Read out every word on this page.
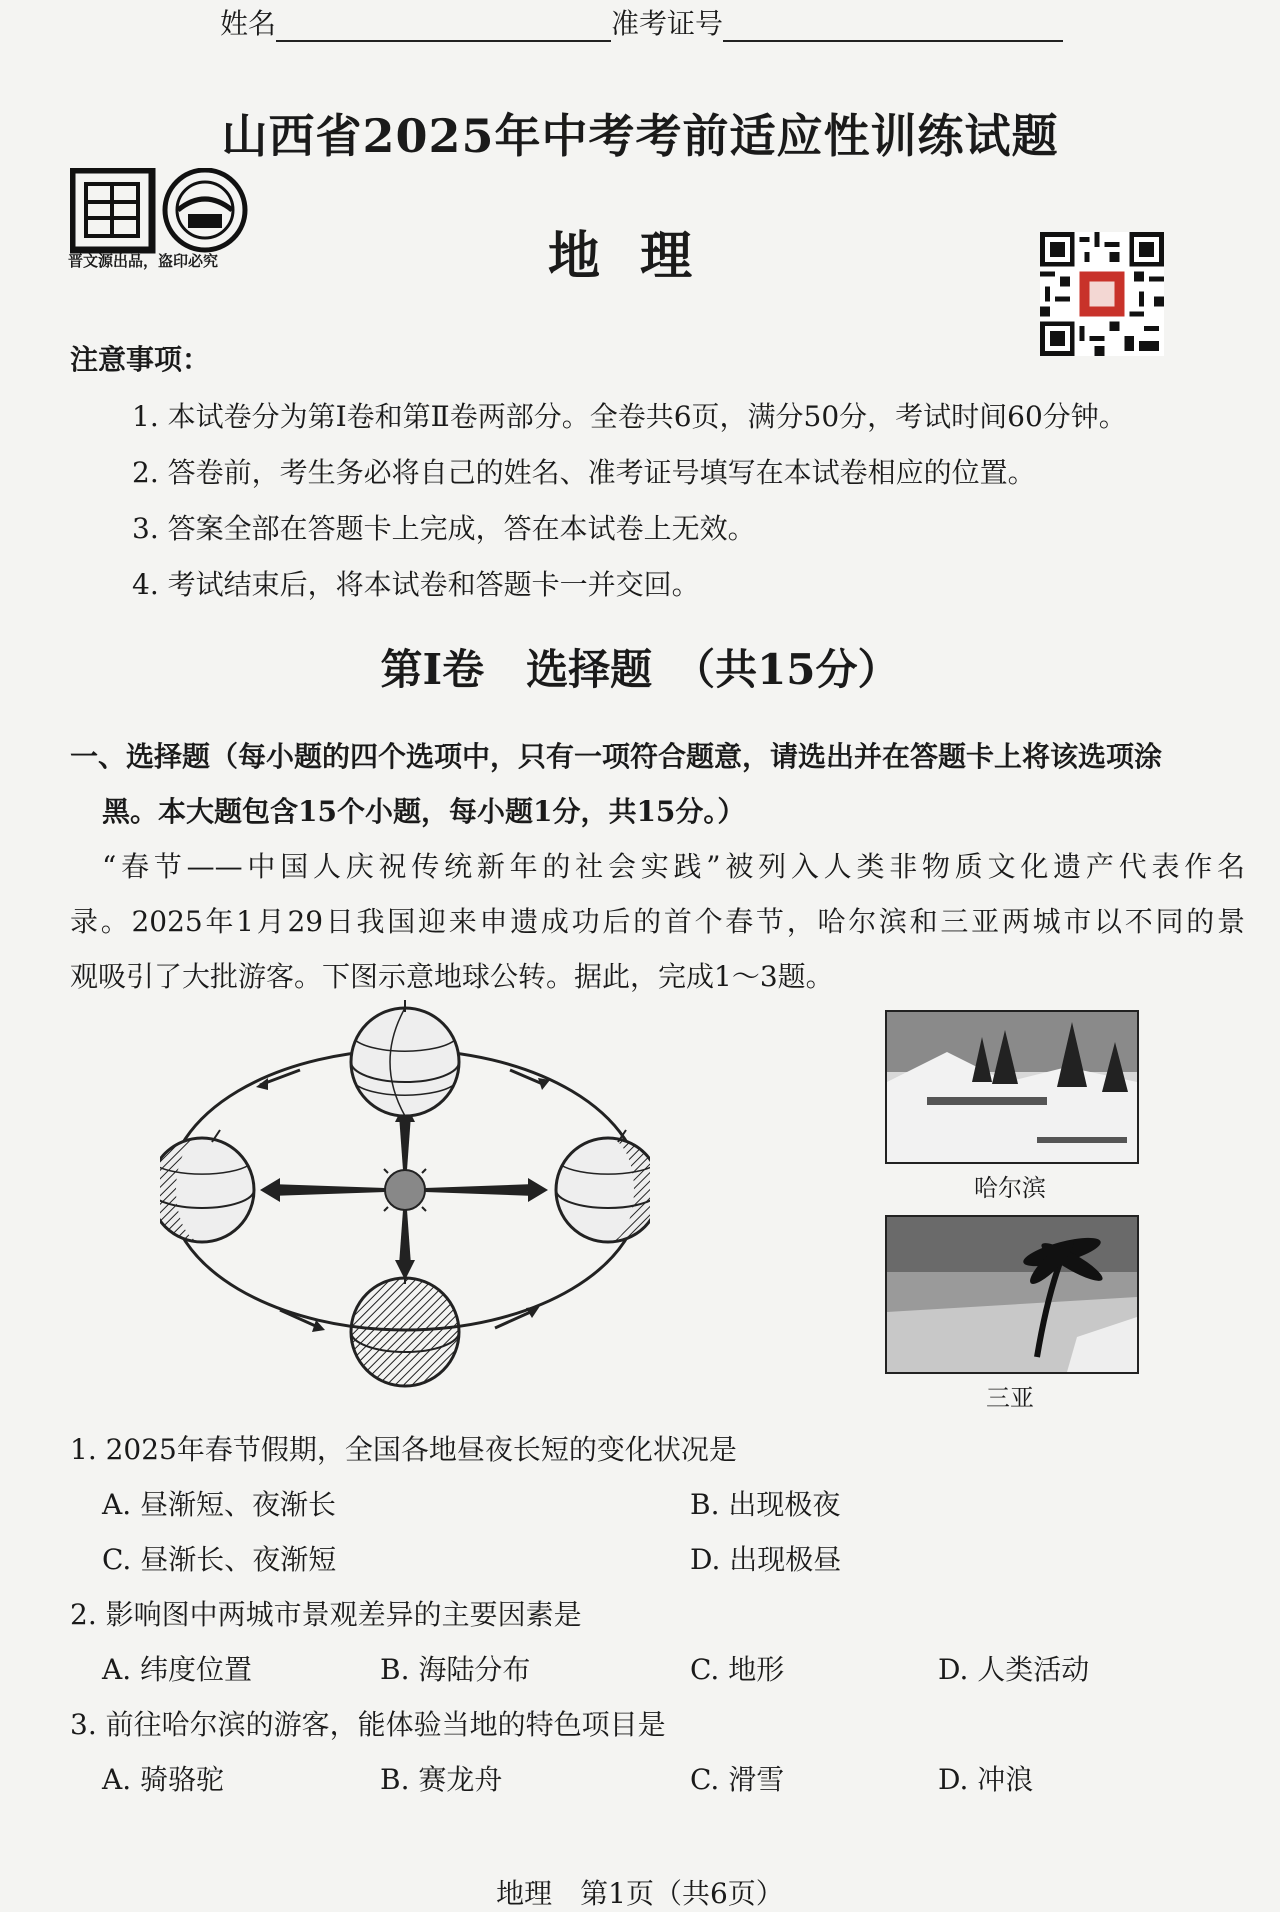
姓名	准考证号
山西省2025年中考考前适应性训练试题
晋文源出品，盗印必究	地理
注意事项：
1. 本试卷分为第Ⅰ卷和第Ⅱ卷两部分。全卷共6页，满分50分，考试时间60分钟。
2. 答卷前，考生务必将自己的姓名、准考证号填写在本试卷相应的位置。
3. 答案全部在答题卡上完成，答在本试卷上无效。
4. 考试结束后，将本试卷和答题卡一并交回。
第Ⅰ卷　选择题　（共15分）
一、选择题（每小题的四个选项中，只有一项符合题意，请选出并在答题卡上将该选项涂
黑。本大题包含15个小题，每小题1分，共15分。）
“春节——中国人庆祝传统新年的社会实践”被列入人类非物质文化遗产代表作名
录。2025年1月29日我国迎来申遗成功后的首个春节，哈尔滨和三亚两城市以不同的景
观吸引了大批游客。下图示意地球公转。据此，完成1～3题。
哈尔滨
三亚
1. 2025年春节假期，全国各地昼夜长短的变化状况是
A. 昼渐短、夜渐长	B. 出现极夜
C. 昼渐长、夜渐短	D. 出现极昼
2. 影响图中两城市景观差异的主要因素是
A. 纬度位置	B. 海陆分布	C. 地形	D. 人类活动
3. 前往哈尔滨的游客，能体验当地的特色项目是
A. 骑骆驼	B. 赛龙舟	C. 滑雪	D. 冲浪
地理　第1页（共6页）
